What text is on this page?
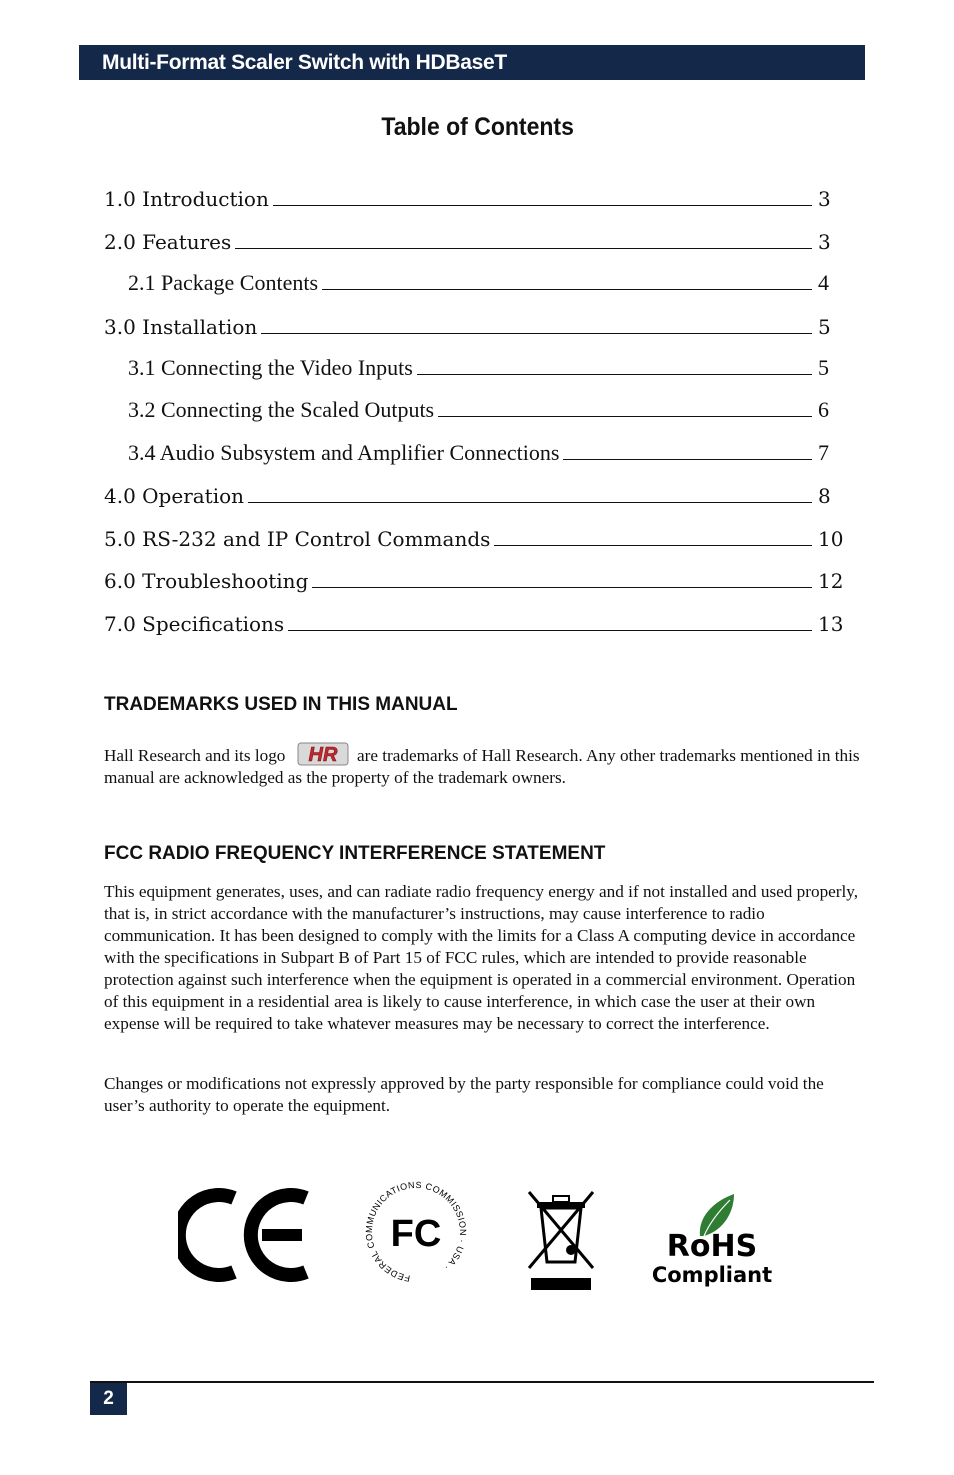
Multi-Format Scaler Switch with HDBaseT
Table of Contents
1.0 Introduction	3
2.0 Features	3
2.1 Package Contents	4
3.0 Installation	5
3.1 Connecting the Video Inputs	5
3.2 Connecting the Scaled Outputs	6
3.4 Audio Subsystem and Amplifier Connections	7
4.0 Operation	8
5.0 RS-232 and IP Control Commands	10
6.0 Troubleshooting	12
7.0 Specifications	13
TRADEMARKS USED IN THIS MANUAL
Hall Research and its logo HR are trademarks of Hall Research. Any other trademarks mentioned in this manual are acknowledged as the property of the trademark owners.
FCC RADIO FREQUENCY INTERFERENCE STATEMENT
This equipment generates, uses, and can radiate radio frequency energy and if not installed and used properly, that is, in strict accordance with the manufacturer’s instructions, may cause interference to radio communication. It has been designed to comply with the limits for a Class A computing device in accordance with the specifications in Subpart B of Part 15 of FCC rules, which are intended to provide reasonable protection against such interference when the equipment is operated in a commercial environment. Operation of this equipment in a residential area is likely to cause interference, in which case the user at their own expense will be required to take whatever measures may be necessary to correct the interference.
Changes or modifications not expressly approved by the party responsible for compliance could void the user’s authority to operate the equipment.
CE
FEDERAL COMMUNICATIONS COMMISSION · USA ·
FC	RoHS
Compliant
2
